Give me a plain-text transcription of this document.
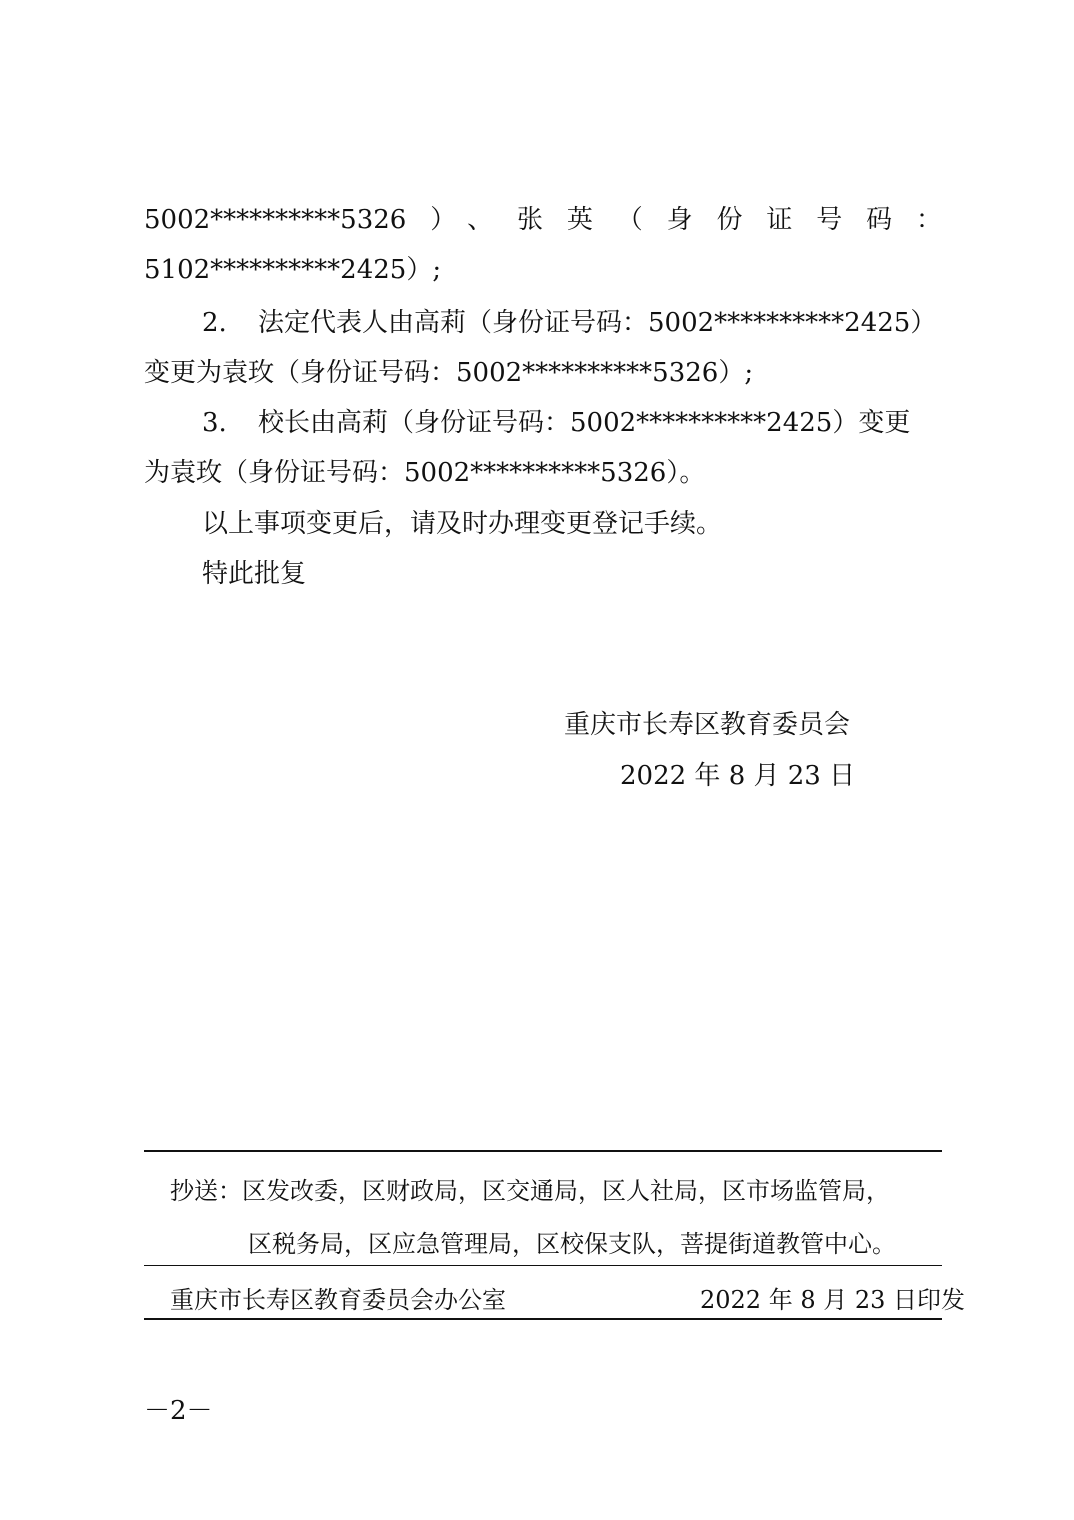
5002**********5326）、张英（身份证号码：
5102**********2425）;
2. 法定代表人由高莉（身份证号码：5002**********2425）
变更为袁玫（身份证号码：5002**********5326）;
3. 校长由高莉（身份证号码：5002**********2425）变更
为袁玫（身份证号码：5002**********5326）。
以上事项变更后，请及时办理变更登记手续。
特此批复
重庆市长寿区教育委员会
2022 年 8 月 23 日
抄送：区发改委，区财政局，区交通局，区人社局，区市场监管局，
区税务局，区应急管理局，区校保支队，菩提街道教管中心。
重庆市长寿区教育委员会办公室	2022 年 8 月 23 日印发
－2－
